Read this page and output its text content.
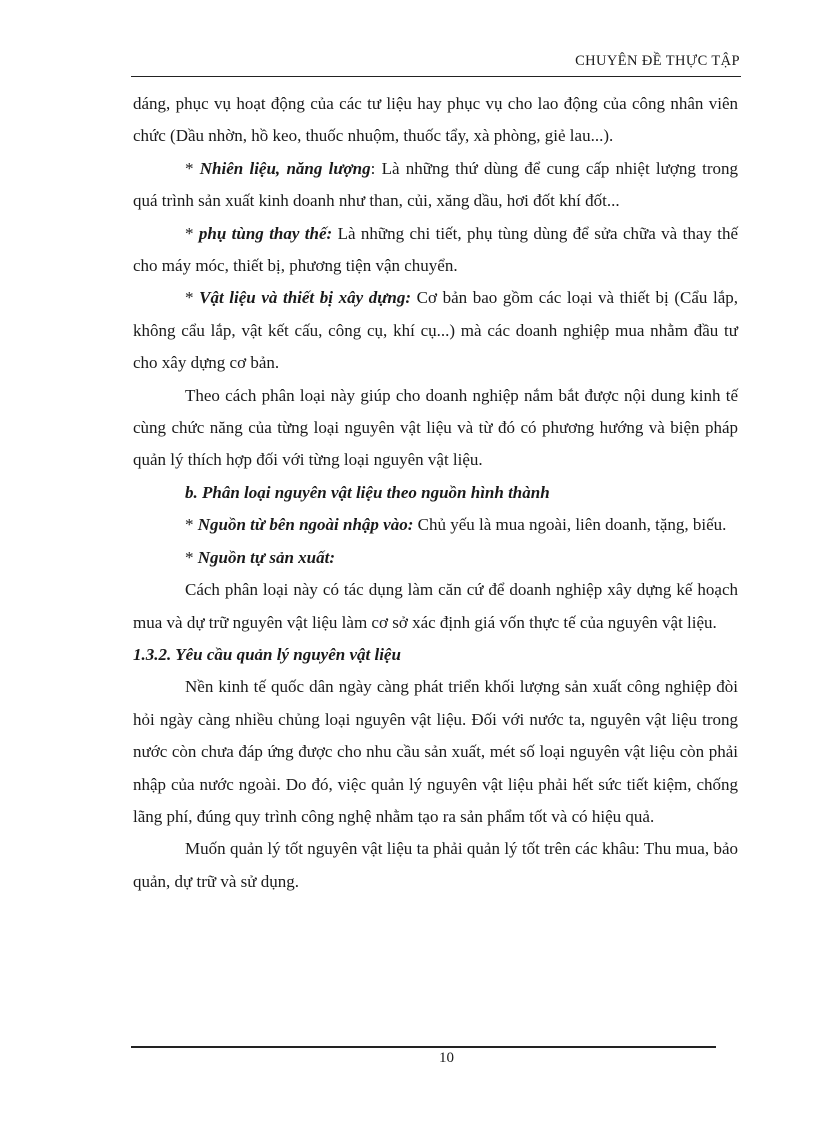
CHUYÊN ĐỀ THỰC TẬP

dáng, phục vụ hoạt động của các tư liệu hay phục vụ cho lao động của công nhân viên chức (Dầu nhờn, hồ keo, thuốc nhuộm, thuốc tẩy, xà phòng, giẻ lau...).

* Nhiên liệu, năng lượng: Là những thứ dùng để cung cấp nhiệt lượng trong quá trình sản xuất kinh doanh như than, củi, xăng dầu, hơi đốt khí đốt...

* phụ tùng thay thế: Là những chi tiết, phụ tùng dùng để sửa chữa và thay thế cho máy móc, thiết bị, phương tiện vận chuyển.

* Vật liệu và thiết bị xây dựng: Cơ bản bao gồm các loại và thiết bị (Cẩu lắp, không cẩu lắp, vật kết cấu, công cụ, khí cụ...) mà các doanh nghiệp mua nhằm đầu tư cho xây dựng cơ bản.

Theo cách phân loại này giúp cho doanh nghiệp nắm bắt được nội dung kinh tế cùng chức năng của từng loại nguyên vật liệu và từ đó có phương hướng và biện pháp quản lý thích hợp đối với từng loại nguyên vật liệu.

b. Phân loại nguyên vật liệu theo nguồn hình thành

* Nguồn từ bên ngoài nhập vào: Chủ yếu là mua ngoài, liên doanh, tặng, biếu.

* Nguồn tự sản xuất:

Cách phân loại này có tác dụng làm căn cứ để doanh nghiệp xây dựng kế hoạch mua và dự trữ nguyên vật liệu làm cơ sở xác định giá vốn thực tế của nguyên vật liệu.

1.3.2. Yêu cầu quản lý nguyên vật liệu

Nền kinh tế quốc dân ngày càng phát triển khối lượng sản xuất công nghiệp đòi hỏi ngày càng nhiều chủng loại nguyên vật liệu. Đối với nước ta, nguyên vật liệu trong nước còn chưa đáp ứng được cho nhu cầu sản xuất, mét số loại nguyên vật liệu còn phải nhập của nước ngoài. Do đó, việc quản lý nguyên vật liệu phải hết sức tiết kiệm, chống lãng phí, đúng quy trình công nghệ nhằm tạo ra sản phẩm tốt và có hiệu quả.

Muốn quản lý tốt nguyên vật liệu ta phải quản lý tốt trên các khâu: Thu mua, bảo quản, dự trữ và sử dụng.

10
